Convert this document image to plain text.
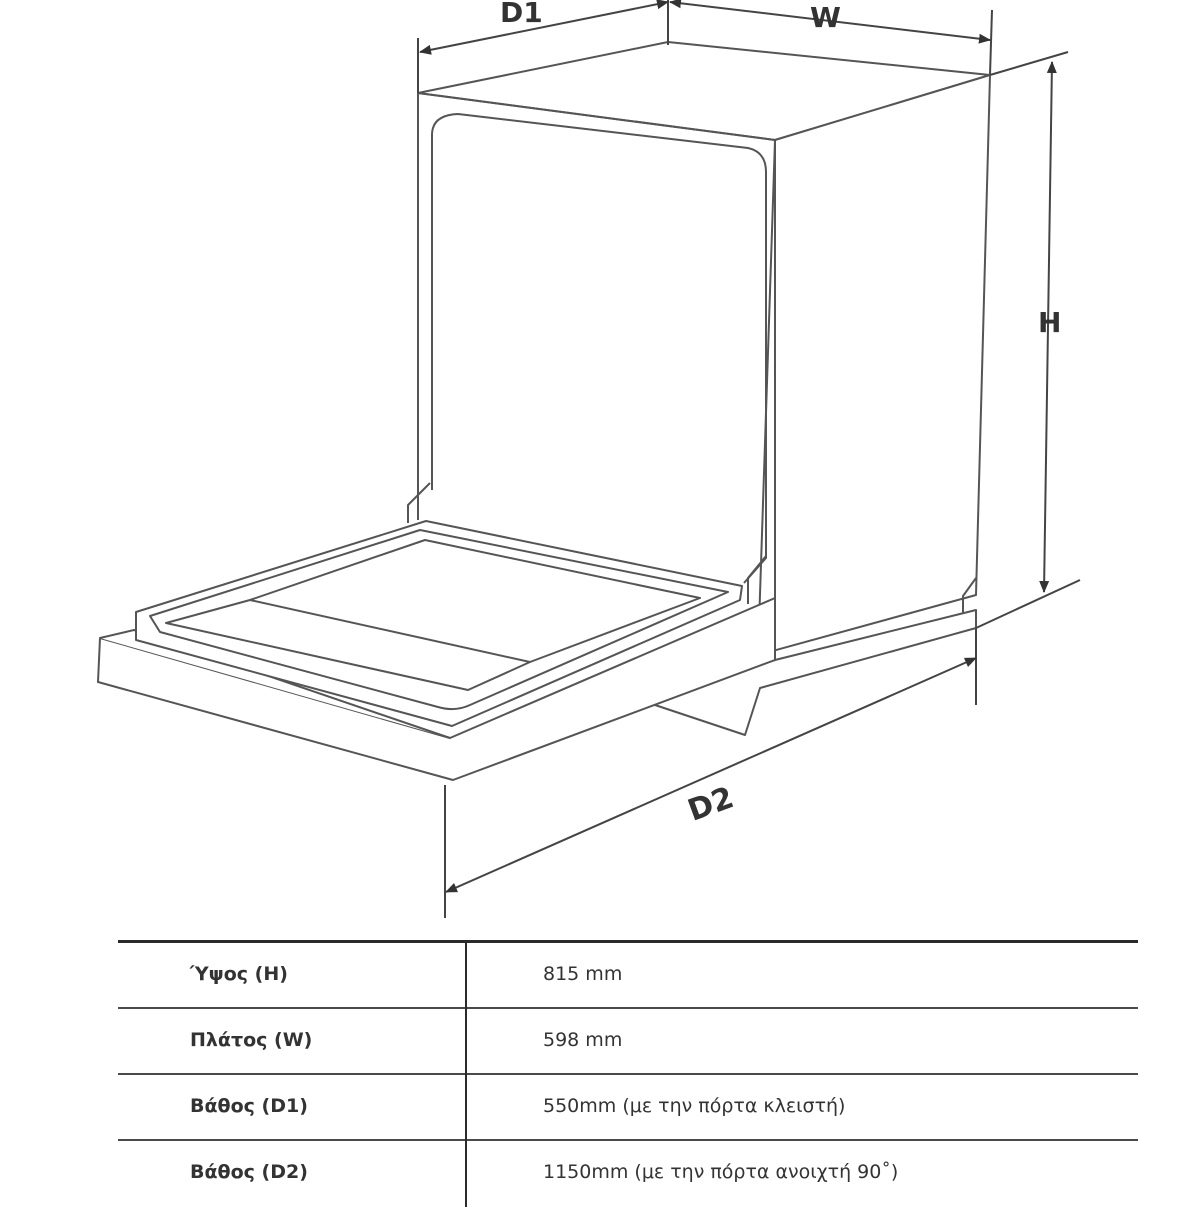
D1	W
H
D2
Ύψος (H)	815 mm
Πλάτος (W)	598 mm
Βάθος (D1)	550mm (με την πόρτα κλειστή)
Βάθος (D2)	1150mm (με την πόρτα ανοιχτή 90˚)
